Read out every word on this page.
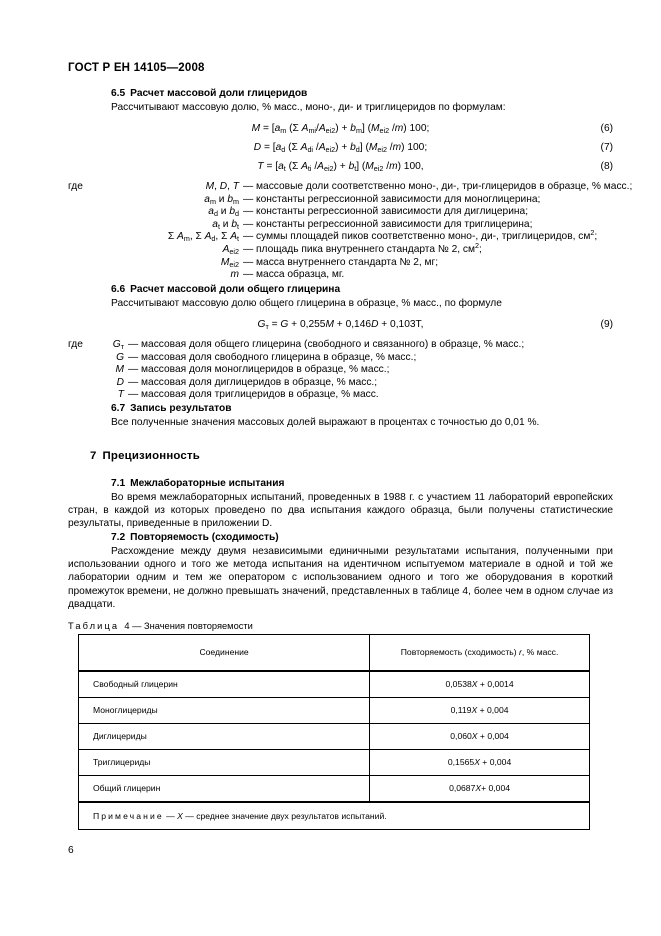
ГОСТ Р ЕН 14105—2008
6.5 Расчет массовой доли глицеридов

Рассчитывают массовую долю, % масс., моно-, ди- и триглицеридов по формулам:

$M = [a_m$ (Σ $A_{mi}/A_{ei2}) + b_m$] ($M_{ei2}$ /m) 100;	(6)
$D = [a_d$ (Σ $A_{di}$ $/A_{ei2}) + b_d$] ($M_{ei2}$ /m) 100;	(7)
$T = [a_t$ (Σ $A_{ti}$ $/A_{ei2}) + b_t$] ($M_{ei2}$ /m) 100,	(8)
где	M, D, T — массовые доли соответственно моно-, ди-, три-глицеридов в образце, % масс.;
$a_m$ и $b_m$ — константы регрессионной зависимости для моноглицерина;
$a_d$ и $b_d$ — константы регрессионной зависимости для диглицерина;
$a_t$ и $b_t$ — константы регрессионной зависимости для триглицерина;
Σ $A_m$, Σ $A_d$, Σ $A_t$ — суммы площадей пиков соответственно моно-, ди-, триглицеридов, $см^2$;
$A_{ei2}$ — площадь пика внутреннего стандарта № 2, $см^2$;
$M_{ei2}$ — масса внутреннего стандарта № 2, мг;
m — масса образца, мг.
6.6 Расчет массовой доли общего глицерина

Рассчитывают массовую долю общего глицерина в образце, % масс., по формуле

$G_т = G + 0,255M + 0,146D + 0,103Т$,	(9)
где	$G_т$ — массовая доля общего глицерина (свободного и связанного) в образце, % масс.;
G — массовая доля свободного глицерина в образце, % масс.;
M — массовая доля моноглицеридов в образце, % масс.;
D — массовая доля диглицеридов в образце, % масс.;
T — массовая доля триглицеридов в образце, % масс.
6.7 Запись результатов

Все полученные значения массовых долей выражают в процентах с точностью до 0,01 %.

7 Прецизионность
7.1 Межлабораторные испытания

Во время межлабораторных испытаний, проведенных в 1988 г. с участием 11 лабораторий европейских стран, в каждой из которых проведено по два испытания каждого образца, были получены статистические результаты, приведенные в приложении D.

7.2 Повторяемость (сходимость)

Расхождение между двумя независимыми единичными результатами испытания, полученными при использовании одного и того же метода испытания на идентичном испытуемом материале в одной и той же лаборатории одним и тем же оператором с использованием одного и того же оборудования в короткий промежуток времени, не должно превышать значений, представленных в таблице 4, более чем в одном случае из двадцати.

Таблица 4 — Значения повторяемости
Соединение	Повторяемость (сходимость) r, % масс.
Свободный глицерин	0,0538X + 0,0014
Моноглицериды	0,119X + 0,004
Диглицериды	0,060X + 0,004
Триглицериды	0,1565X + 0,004
Общий глицерин	0,0687X+ 0,004
Примечание — X — среднее значение двух результатов испытаний.	
6
